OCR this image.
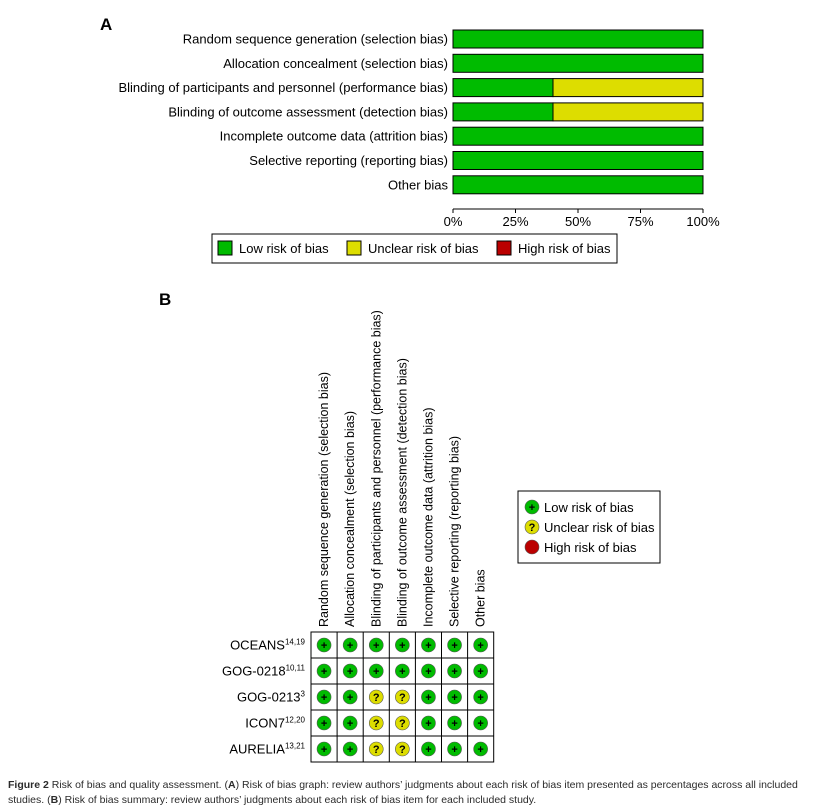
A
Random sequence generation (selection bias)
Allocation concealment (selection bias)
Blinding of participants and personnel (performance bias)
Blinding of outcome assessment (detection bias)
Incomplete outcome data (attrition bias)
Selective reporting (reporting bias)
Other bias
0%	25%	50%	75%	100%
Low risk of bias	Unclear risk of bias	High risk of bias
B
Random sequence generation (selection bias) Allocation concealment (selection bias) Blinding of participants and personnel (performance bias) Blinding of outcome assessment (detection bias) Incomplete outcome data (attrition bias) Selective reporting (reporting bias) Other bias
OCEANS$^{14,19}$ + + + + + + +
GOG-$0218^{10,11}$ + + + + + + +
GOG-$0213^3$ + + ? ? + + +
$ICON7^{12,20}$ + + ? ? + + +
AURELIA$^{13,21}$ + + ? ? + + +
+ Low risk of bias
? Unclear risk of bias
High risk of bias
Figure 2 Risk of bias and quality assessment. (A) Risk of bias graph: review authors’ judgments about each risk of bias item presented as percentages across all included studies. (B) Risk of bias summary: review authors’ judgments about each risk of bias item for each included study.
